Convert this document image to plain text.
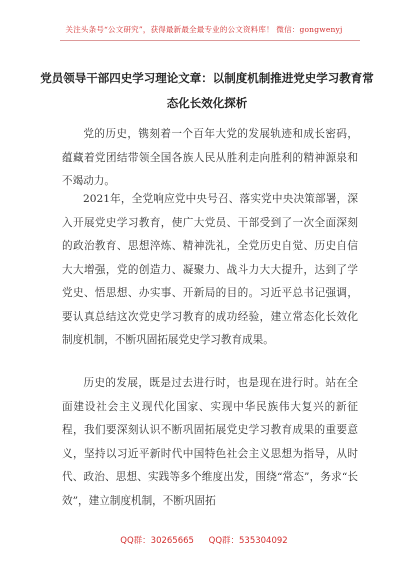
关注头条号“公文研究”，获得最新最全最专业的公文资料库！ 微信：gongwenyj
党员领导干部四史学习理论文章：以制度机制推进党史学习教育常态化长效化探析

党的历史，镌刻着一个百年大党的发展轨迹和成长密码，蕴藏着党团结带领全国各族人民从胜利走向胜利的精神源泉和不竭动力。

2021年，全党响应党中央号召、落实党中央决策部署，深入开展党史学习教育，使广大党员、干部受到了一次全面深刻的政治教育、思想淬炼、精神洗礼，全党历史自觉、历史自信大大增强，党的创造力、凝聚力、战斗力大大提升，达到了学党史、悟思想、办实事、开新局的目的。习近平总书记强调，要认真总结这次党史学习教育的成功经验，建立常态化长效化制度机制，不断巩固拓展党史学习教育成果。

历史的发展，既是过去进行时，也是现在进行时。站在全面建设社会主义现代化国家、实现中华民族伟大复兴的新征程，我们要深刻认识不断巩固拓展党史学习教育成果的重要意义，坚持以习近平新时代中国特色社会主义思想为指导，从时代、政治、思想、实践等多个维度出发，围绕“常态”，务求“长效”，建立制度机制，不断巩固拓

QQ群：30265665 QQ群：535304092
